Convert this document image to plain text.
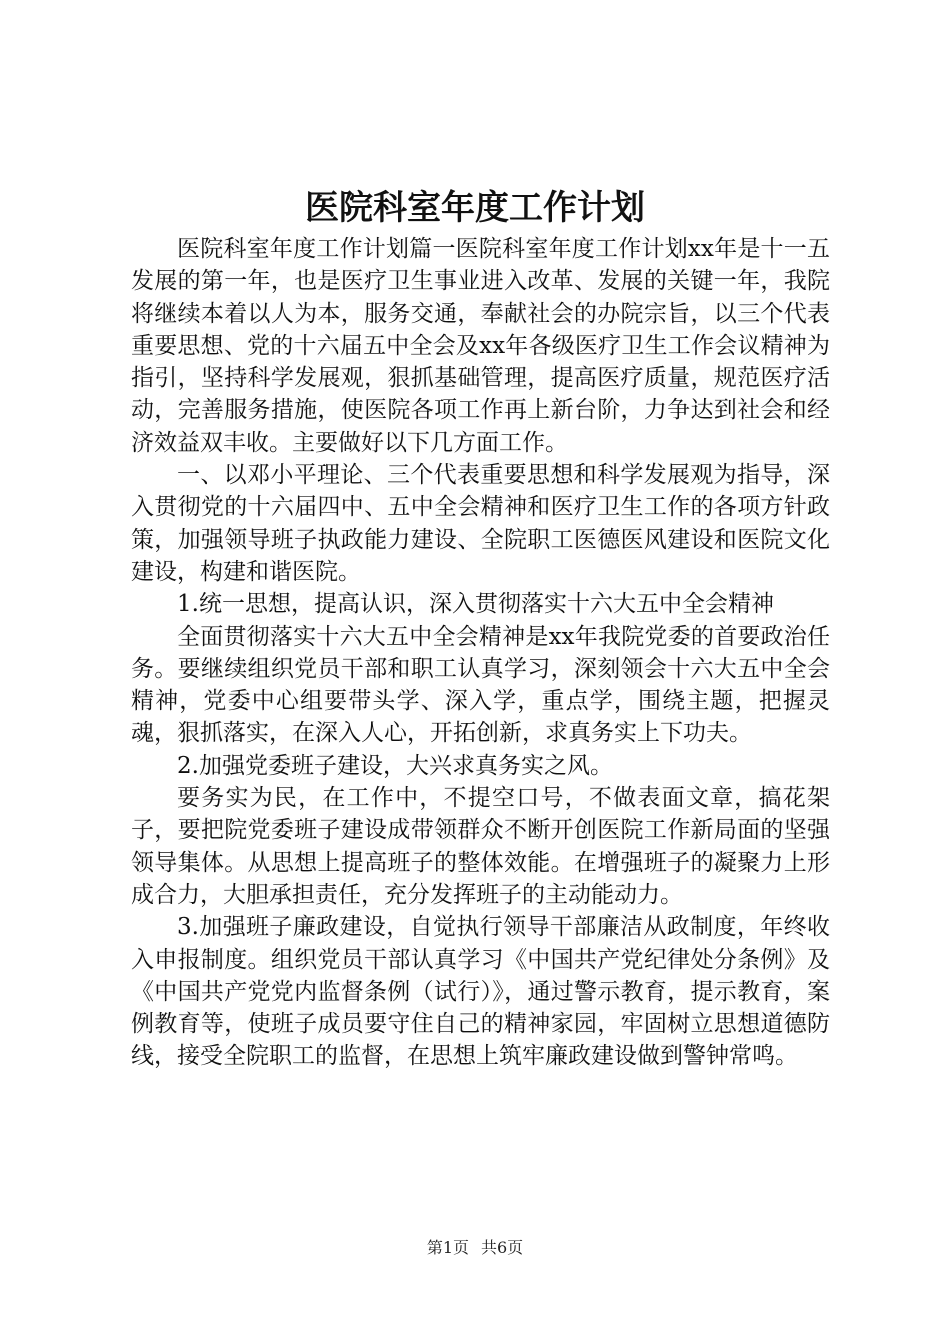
医院科室年度工作计划

医院科室年度工作计划篇一医院科室年度工作计划xx年是十一五发展的第一年，也是医疗卫生事业进入改革、发展的关键一年，我院将继续本着以人为本，服务交通，奉献社会的办院宗旨，以三个代表重要思想、党的十六届五中全会及xx年各级医疗卫生工作会议精神为指引，坚持科学发展观，狠抓基础管理，提高医疗质量，规范医疗活动，完善服务措施，使医院各项工作再上新台阶，力争达到社会和经济效益双丰收。主要做好以下几方面工作。

一、以邓小平理论、三个代表重要思想和科学发展观为指导，深入贯彻党的十六届四中、五中全会精神和医疗卫生工作的各项方针政策，加强领导班子执政能力建设、全院职工医德医风建设和医院文化建设，构建和谐医院。

1.统一思想，提高认识，深入贯彻落实十六大五中全会精神

全面贯彻落实十六大五中全会精神是xx年我院党委的首要政治任务。要继续组织党员干部和职工认真学习，深刻领会十六大五中全会精神，党委中心组要带头学、深入学，重点学，围绕主题，把握灵魂，狠抓落实，在深入人心，开拓创新，求真务实上下功夫。

2.加强党委班子建设，大兴求真务实之风。

要务实为民，在工作中，不提空口号，不做表面文章，搞花架子，要把院党委班子建设成带领群众不断开创医院工作新局面的坚强领导集体。从思想上提高班子的整体效能。在增强班子的凝聚力上形成合力，大胆承担责任，充分发挥班子的主动能动力。

3.加强班子廉政建设，自觉执行领导干部廉洁从政制度，年终收入申报制度。组织党员干部认真学习《中国共产党纪律处分条例》及《中国共产党党内监督条例（试行）》，通过警示教育，提示教育，案例教育等，使班子成员要守住自己的精神家园，牢固树立思想道德防线，接受全院职工的监督，在思想上筑牢廉政建设做到警钟常鸣。

第1页 共6页
